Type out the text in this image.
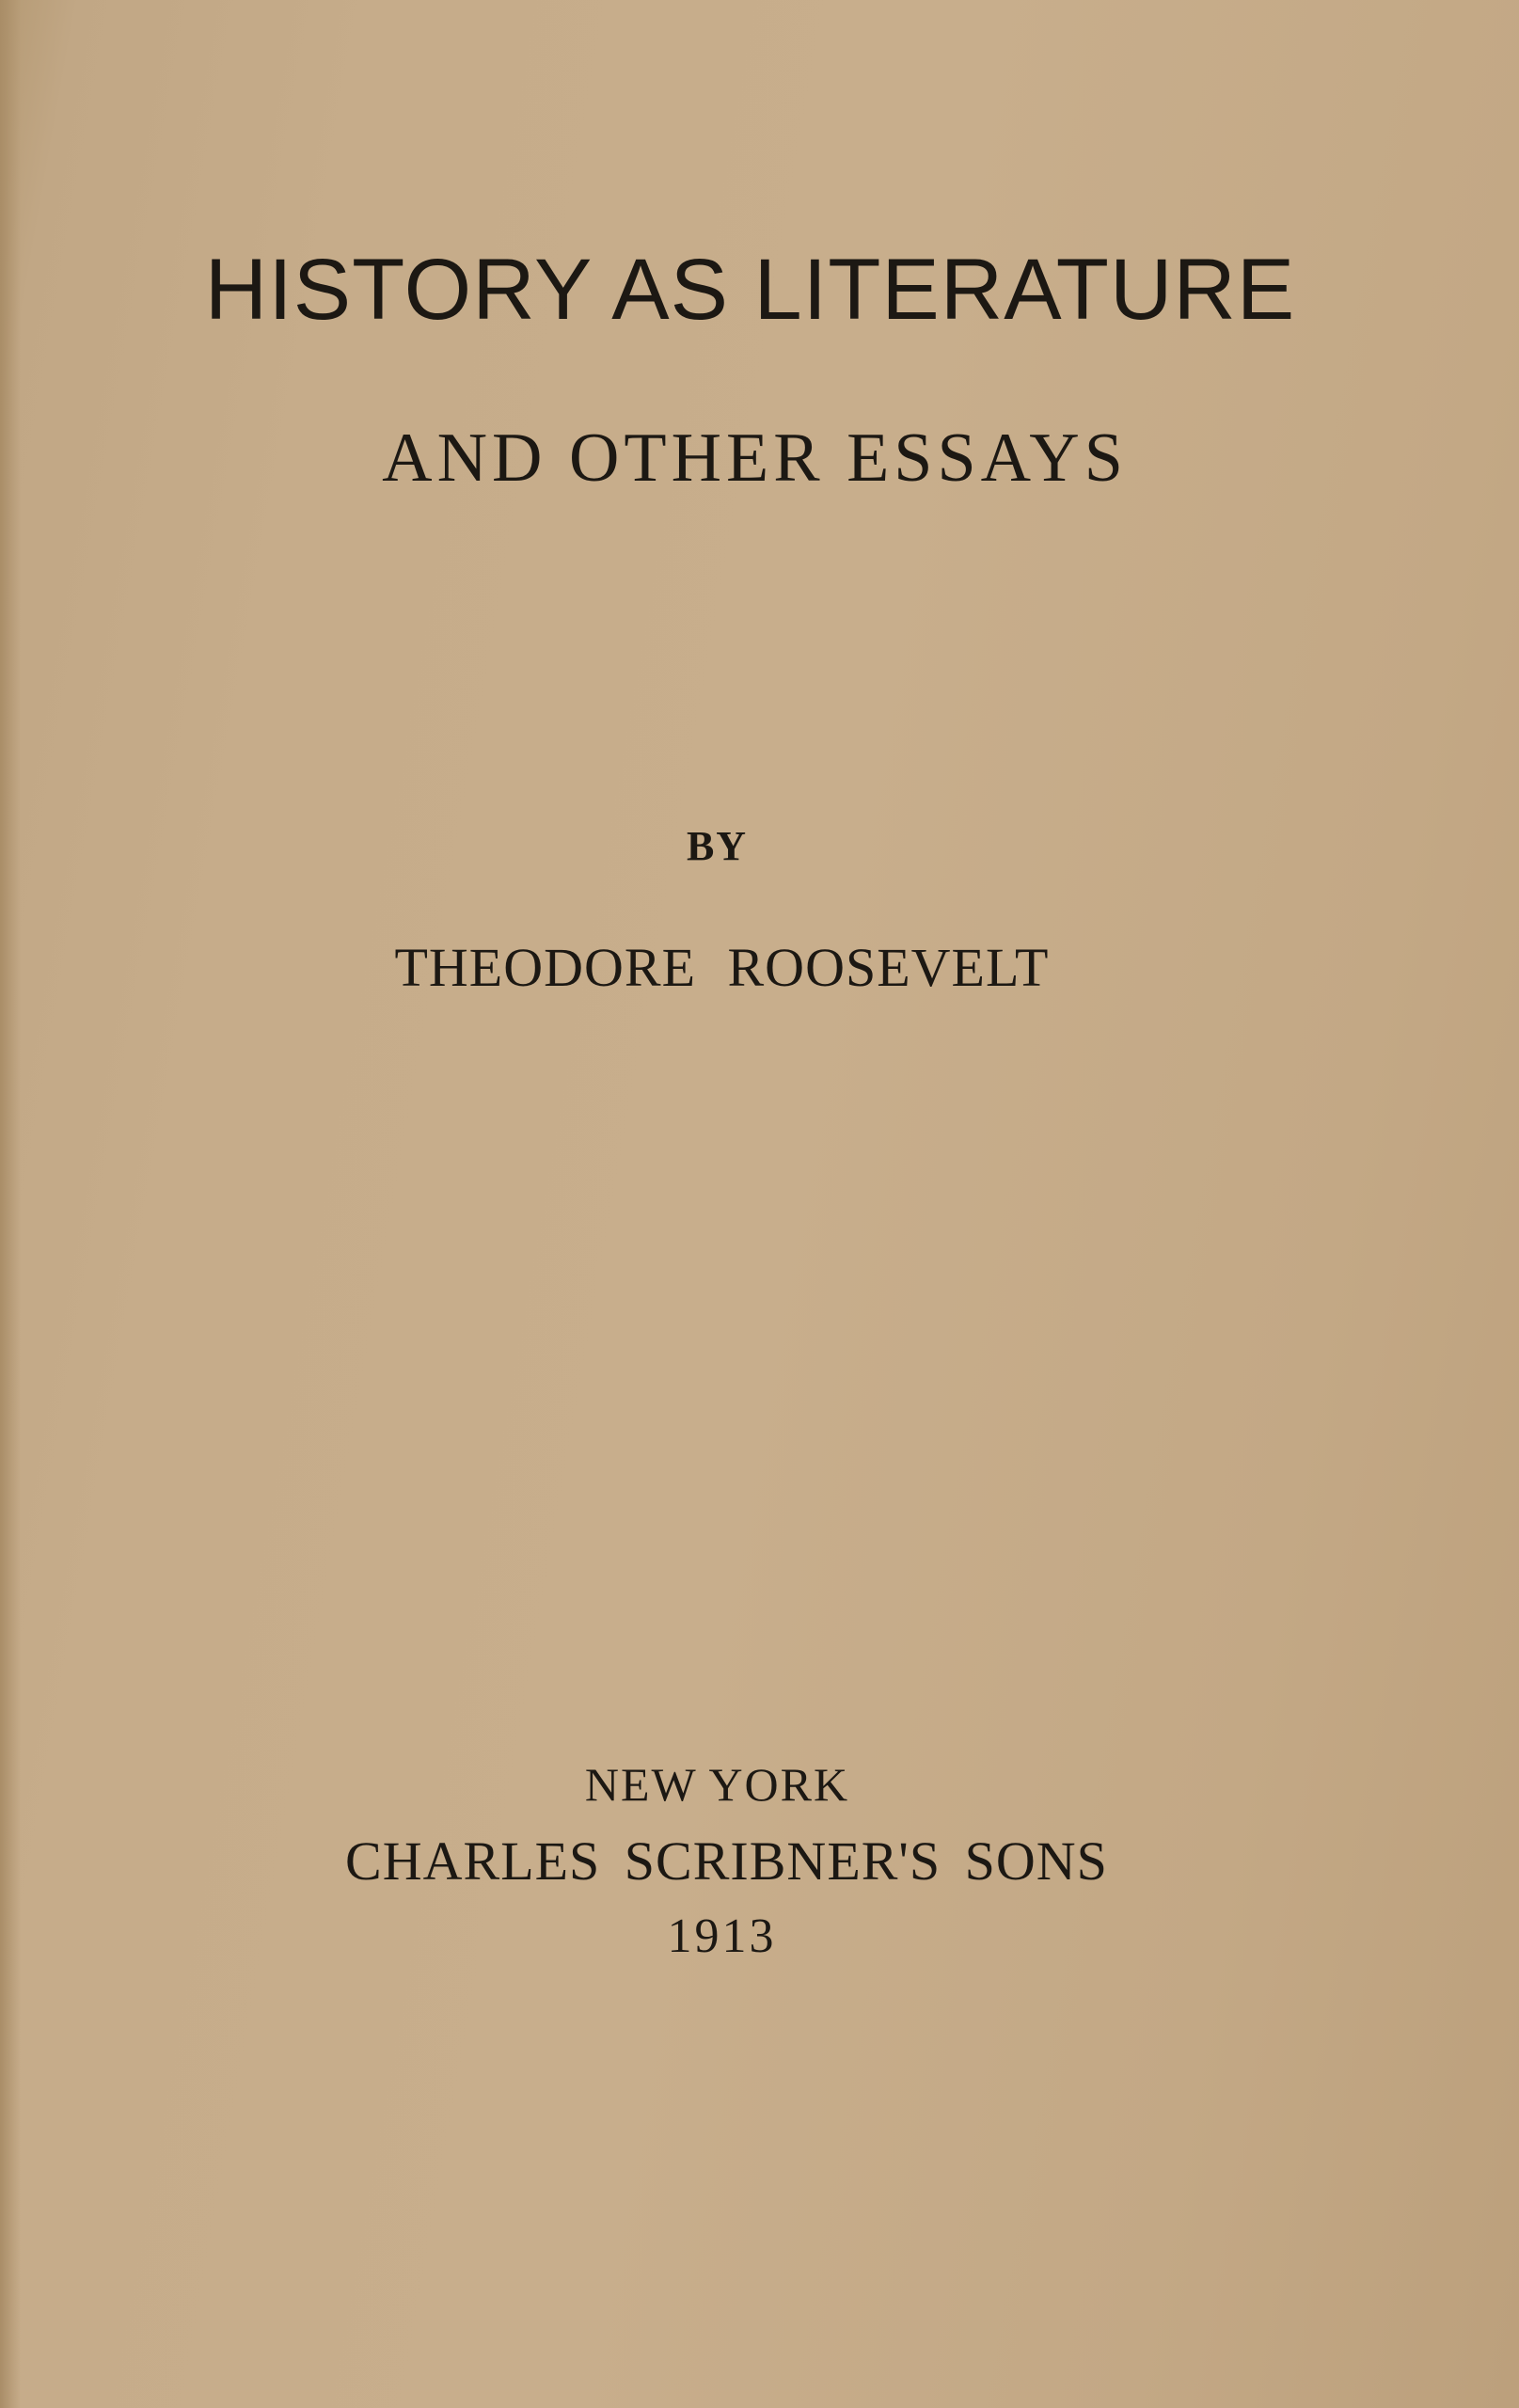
HISTORY AS LITERATURE
AND OTHER ESSAYS
BY
THEODORE ROOSEVELT
NEW YORK
CHARLES SCRIBNER'S SONS
1913
